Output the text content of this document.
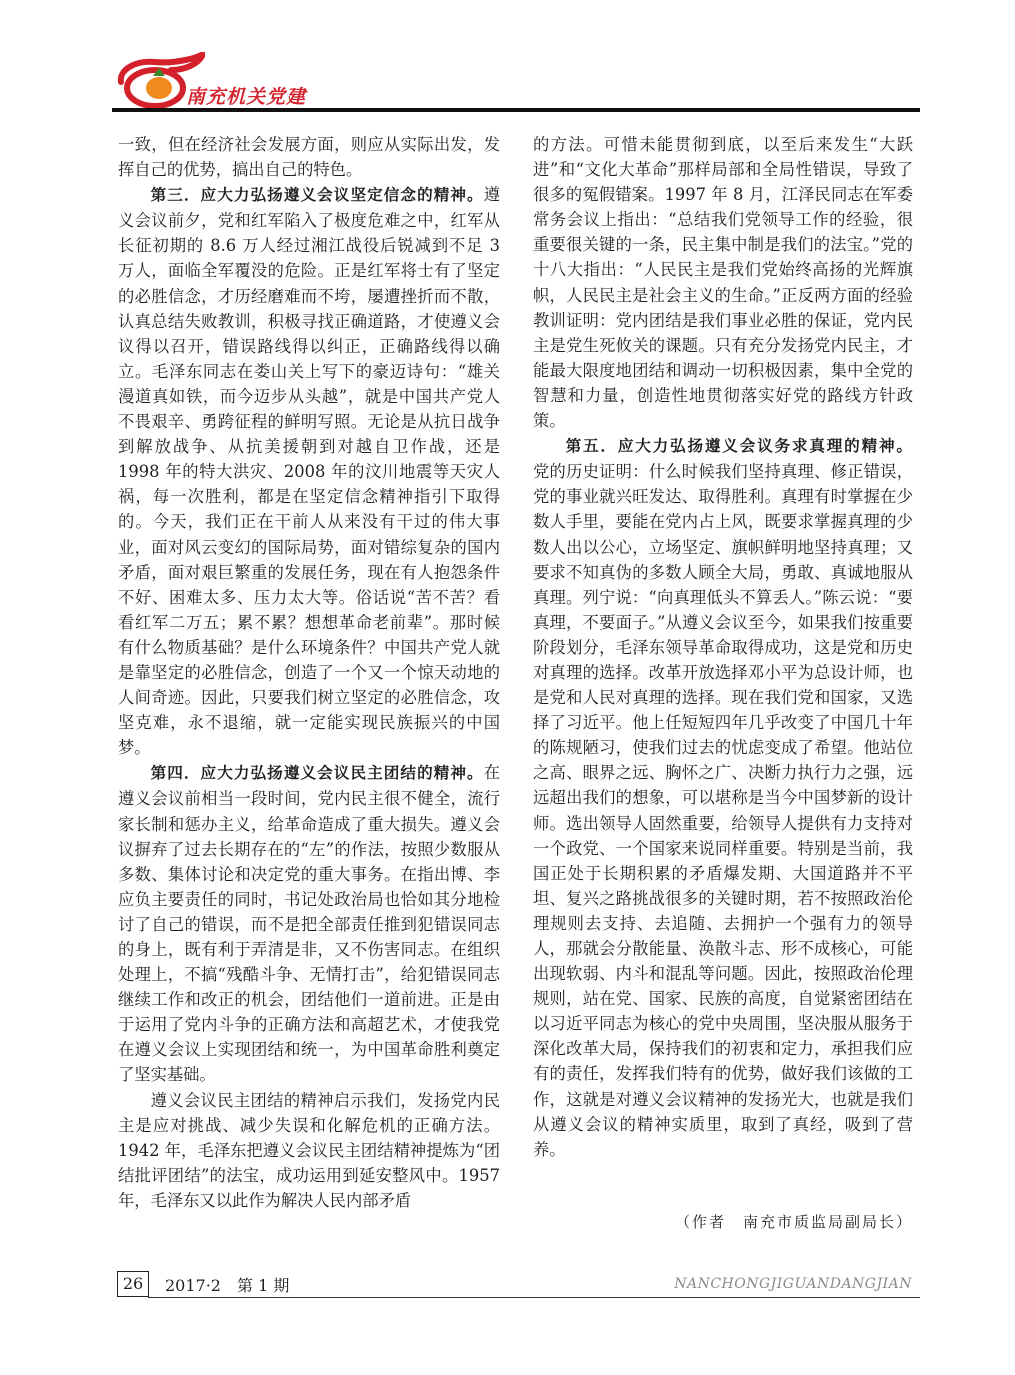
南充机关党建

一致，但在经济社会发展方面，则应从实际出发，发挥自己的优势，搞出自己的特色。

第三．应大力弘扬遵义会议坚定信念的精神。遵义会议前夕，党和红军陷入了极度危难之中，红军从长征初期的 8.6 万人经过湘江战役后锐减到不足 3 万人，面临全军覆没的危险。正是红军将士有了坚定的必胜信念，才历经磨难而不垮，屡遭挫折而不散，认真总结失败教训，积极寻找正确道路，才使遵义会议得以召开，错误路线得以纠正，正确路线得以确立。毛泽东同志在娄山关上写下的豪迈诗句：“雄关漫道真如铁，而今迈步从头越”，就是中国共产党人不畏艰辛、勇跨征程的鲜明写照。无论是从抗日战争到解放战争、从抗美援朝到对越自卫作战，还是 1998 年的特大洪灾、2008 年的汶川地震等天灾人祸，每一次胜利，都是在坚定信念精神指引下取得的。今天，我们正在干前人从来没有干过的伟大事业，面对风云变幻的国际局势，面对错综复杂的国内矛盾，面对艰巨繁重的发展任务，现在有人抱怨条件不好、困难太多、压力太大等。俗话说“苦不苦？看看红军二万五；累不累？想想革命老前辈”。那时候有什么物质基础？是什么环境条件？中国共产党人就是靠坚定的必胜信念，创造了一个又一个惊天动地的人间奇迹。因此，只要我们树立坚定的必胜信念，攻坚克难，永不退缩，就一定能实现民族振兴的中国梦。

第四．应大力弘扬遵义会议民主团结的精神。在遵义会议前相当一段时间，党内民主很不健全，流行家长制和惩办主义，给革命造成了重大损失。遵义会议摒弃了过去长期存在的“左”的作法，按照少数服从多数、集体讨论和决定党的重大事务。在指出博、李应负主要责任的同时，书记处政治局也恰如其分地检讨了自己的错误，而不是把全部责任推到犯错误同志的身上，既有利于弄清是非，又不伤害同志。在组织处理上，不搞“残酷斗争、无情打击”，给犯错误同志继续工作和改正的机会，团结他们一道前进。正是由于运用了党内斗争的正确方法和高超艺术，才使我党在遵义会议上实现团结和统一，为中国革命胜利奠定了坚实基础。

遵义会议民主团结的精神启示我们，发扬党内民主是应对挑战、减少失误和化解危机的正确方法。1942 年，毛泽东把遵义会议民主团结精神提炼为“团结批评团结”的法宝，成功运用到延安整风中。1957 年，毛泽东又以此作为解决人民内部矛盾

的方法。可惜未能贯彻到底，以至后来发生“大跃进”和“文化大革命”那样局部和全局性错误，导致了很多的冤假错案。1997 年 8 月，江泽民同志在军委常务会议上指出：“总结我们党领导工作的经验，很重要很关键的一条，民主集中制是我们的法宝。”党的十八大指出：“人民民主是我们党始终高扬的光辉旗帜，人民民主是社会主义的生命。”正反两方面的经验教训证明：党内团结是我们事业必胜的保证，党内民主是党生死攸关的课题。只有充分发扬党内民主，才能最大限度地团结和调动一切积极因素，集中全党的智慧和力量，创造性地贯彻落实好党的路线方针政策。

第五．应大力弘扬遵义会议务求真理的精神。党的历史证明：什么时候我们坚持真理、修正错误，党的事业就兴旺发达、取得胜利。真理有时掌握在少数人手里，要能在党内占上风，既要求掌握真理的少数人出以公心，立场坚定、旗帜鲜明地坚持真理；又要求不知真伪的多数人顾全大局，勇敢、真诚地服从真理。列宁说：“向真理低头不算丢人。”陈云说：“要真理，不要面子。”从遵义会议至今，如果我们按重要阶段划分，毛泽东领导革命取得成功，这是党和历史对真理的选择。改革开放选择邓小平为总设计师，也是党和人民对真理的选择。现在我们党和国家，又选择了习近平。他上任短短四年几乎改变了中国几十年的陈规陋习，使我们过去的忧虑变成了希望。他站位之高、眼界之远、胸怀之广、决断力执行力之强，远远超出我们的想象，可以堪称是当今中国梦新的设计师。选出领导人固然重要，给领导人提供有力支持对一个政党、一个国家来说同样重要。特别是当前，我国正处于长期积累的矛盾爆发期、大国道路并不平坦、复兴之路挑战很多的关键时期，若不按照政治伦理规则去支持、去追随、去拥护一个强有力的领导人，那就会分散能量、涣散斗志、形不成核心，可能出现软弱、内斗和混乱等问题。因此，按照政治伦理规则，站在党、国家、民族的高度，自觉紧密团结在以习近平同志为核心的党中央周围，坚决服从服务于深化改革大局，保持我们的初衷和定力，承担我们应有的责任，发挥我们特有的优势，做好我们该做的工作，这就是对遵义会议精神的发扬光大，也就是我们从遵义会议的精神实质里，取到了真经，吸到了营养。

（作者　南充市质监局副局长）
26	2017·2　第 1 期	NANCHONGJIGUANDANGJIAN
